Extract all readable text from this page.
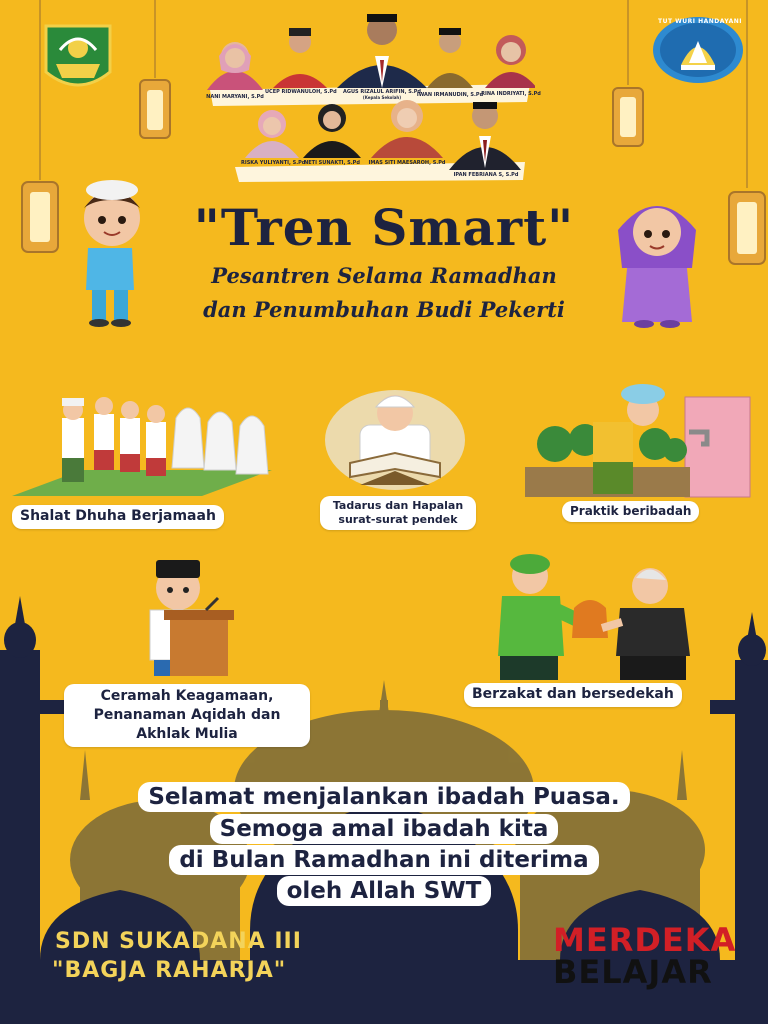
TUT WURI HANDAYANI
NANI MARYANI, S.Pd
UCEP RIDWANULOH, S.Pd	AGUS RIZALUL ARIFIN, S.Pd
(Kepala Sekolah)	IWAN IRMANUDIN, S.Pd
RINA INDRIYATI, S.Pd
RISKA YULIYANTI, S.Pd
NETI SUNAKTI, S.Pd	IMAS SITI MAESAROH, S.Pd
IPAN FEBRIANA S, S.Pd
"Tren Smart"
Pesantren Selama Ramadhan
dan Penumbuhan Budi Pekerti
Shalat Dhuha Berjamaah
Tadarus dan Hapalan
surat-surat pendek
Praktik beribadah
Ceramah Keagamaan,
Penanaman Aqidah dan
Akhlak Mulia
Berzakat dan bersedekah
Selamat menjalankan ibadah Puasa.
Semoga amal ibadah kita
di Bulan Ramadhan ini diterima
oleh Allah SWT
SDN SUKADANA III
"BAGJA RAHARJA"
MERDEKA
BELAJAR
